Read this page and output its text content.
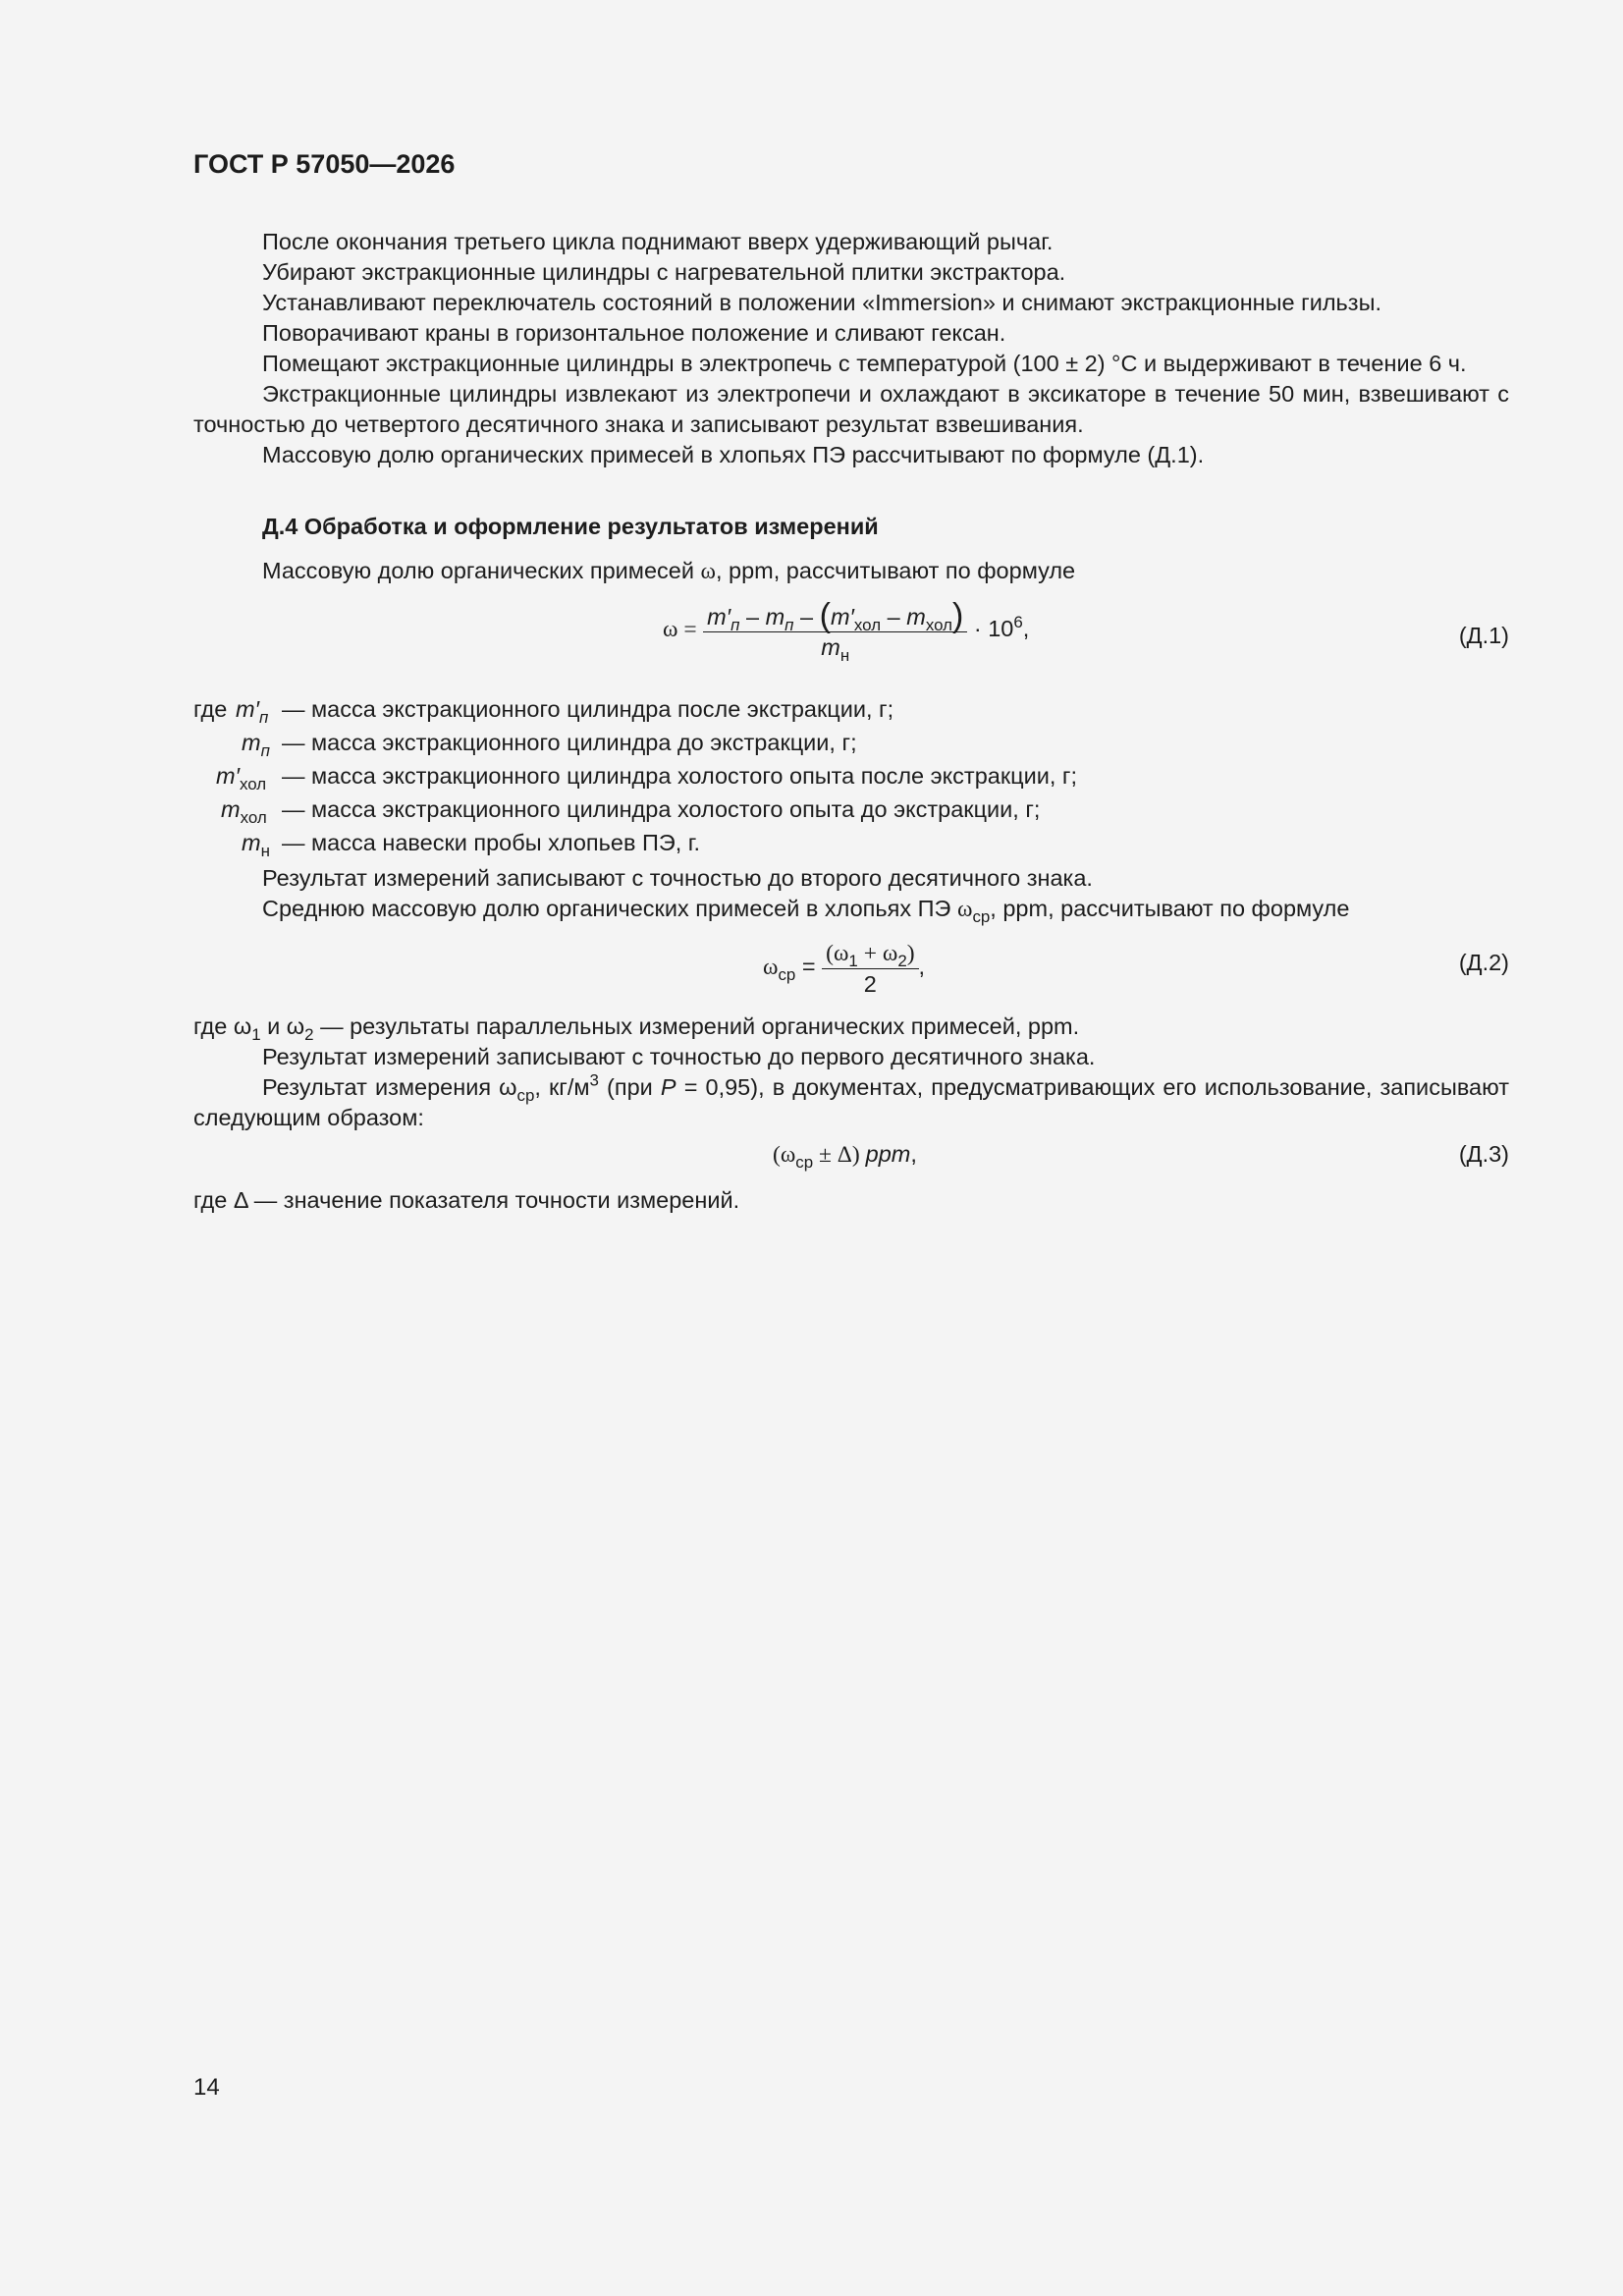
ГОСТ Р 57050—2026

После окончания третьего цикла поднимают вверх удерживающий рычаг.

Убирают экстракционные цилиндры с нагревательной плитки экстрактора.

Устанавливают переключатель состояний в положении «Immersion» и снимают экстракционные гильзы.

Поворачивают краны в горизонтальное положение и сливают гексан.

Помещают экстракционные цилиндры в электропечь с температурой (100 ± 2) °С и выдерживают в течение 6 ч.

Экстракционные цилиндры извлекают из электропечи и охлаждают в эксикаторе в течение 50 мин, взвешивают с точностью до четвертого десятичного знака и записывают результат взвешивания.

Массовую долю органических примесей в хлопьях ПЭ рассчитывают по формуле (Д.1).

Д.4 Обработка и оформление результатов измерений

Массовую долю органических примесей ω, ppm, рассчитывают по формуле

$\omega = \frac{m'_п - m_п - (m'_{хол} - m_{хол})}{m_н} \cdot 10^6$,	(Д.1)
где $m'_п$ — масса экстракционного цилиндра после экстракции, г;
$m_п$ — масса экстракционного цилиндра до экстракции, г;
$m'_{хол}$ — масса экстракционного цилиндра холостого опыта после экстракции, г;
$m_{хол}$ — масса экстракционного цилиндра холостого опыта до экстракции, г;
$m_н$ — масса навески пробы хлопьев ПЭ, г.

Результат измерений записывают с точностью до второго десятичного знака.

Среднюю массовую долю органических примесей в хлопьях ПЭ $\omega_{ср}$, ppm, рассчитывают по формуле

$\omega_{ср} = \frac{(\omega_1 + \omega_2)}{2}$ ,	(Д.2)

где $\omega_1$ и $\omega_2$ — результаты параллельных измерений органических примесей, ppm.

Результат измерений записывают с точностью до первого десятичного знака.

Результат измерения $\omega_{ср}$, $кг/м^3$ (при P = 0,95), в документах, предусматривающих его использование, записывают следующим образом:

$(\omega_{ср} \pm \Delta)$ ppm,	(Д.3)

где Δ — значение показателя точности измерений.

14
